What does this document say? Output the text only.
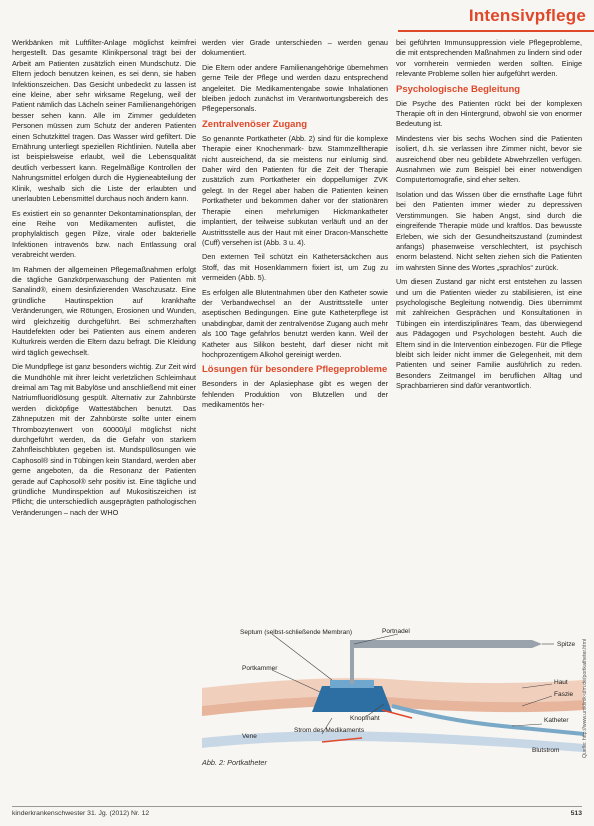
Intensivpflege

Werkbänken mit Luftfilter-Anlage möglichst keimfrei hergestellt. Das gesamte Klinikpersonal trägt bei der Arbeit am Patienten zusätzlich einen Mundschutz. Die Eltern jedoch benutzen keinen, es sei denn, sie haben Infektionszeichen. Das Gesicht unbedeckt zu lassen ist eine kleine, aber sehr wirksame Regelung, weil der Patient nämlich das Lächeln seiner Familienangehörigen besser sehen kann. Alle im Zimmer geduldeten Personen müssen zum Schutz der anderen Patienten einen Schutzkittel tragen. Das Wasser wird gefiltert. Die Ernährung unterliegt speziellen Richtlinien. Nutella aber ist beispielsweise erlaubt, weil die Lebensqualität deutlich verbessert kann. Regelmäßige Kontrollen der Nahrungsmittel erfolgen durch die Hygieneabteilung der Klinik, weshalb sich die Liste der erlaubten und unerlaubten Lebensmittel durchaus noch ändern kann.

Es existiert ein so genannter Dekontaminationsplan, der eine Reihe von Medikamenten auflistet, die prophylaktisch gegen Pilze, virale oder bakterielle Infektionen intravenös bzw. nach Entlassung oral verabreicht werden.

Im Rahmen der allgemeinen Pflegemaßnahmen erfolgt die tägliche Ganzkörperwaschung der Patienten mit Sanalind®, einem desinfizierenden Waschzusatz. Eine gründliche Hautinspektion auf krankhafte Veränderungen, wie Rötungen, Erosionen und Wunden, wird gleichzeitig durchgeführt. Bei schmerzhaften Hautdefekten oder bei Patienten aus einem anderen Kulturkreis werden die Eltern dazu befragt. Die Kleidung wird täglich gewechselt.

Die Mundpflege ist ganz besonders wichtig. Zur Zeit wird die Mundhöhle mit ihrer leicht verletzlichen Schleimhaut dreimal am Tag mit Babylöse und anschließend mit einer Natriumfluoridlösung gespült. Alternativ zur Zahnbürste werden dicköpfige Wattestäbchen benutzt. Das Zähneputzen mit der Zahnbürste sollte unter einem Thrombozytenwert von 60000/µl möglichst nicht durchgeführt werden, da die Gefahr von starkem Zahnfleischbluten gegeben ist. Mundspüllösungen wie Caphosol® sind in Tübingen kein Standard, werden aber gerne angeboten, da die Resonanz der Patienten gerade auf Caphosol® sehr positiv ist. Eine tägliche und gründliche Mundinspektion auf Mukositiszeichen ist Pflicht; die unterschiedlich ausgeprägten pathologischen Veränderungen – nach der WHO

werden vier Grade unterschieden – werden genau dokumentiert.

Die Eltern oder andere Familienangehörige übernehmen gerne Teile der Pflege und werden dazu entsprechend angeleitet. Die Medikamentengabe sowie Inhalationen bleiben jedoch zunächst im Verantwortungsbereich des Pflegepersonals.

Zentralvenöser Zugang

So genannte Portkatheter (Abb. 2) sind für die komplexe Therapie einer Knochenmark- bzw. Stammzelltherapie nicht ausreichend, da sie meistens nur einlumig sind. Daher wird den Patienten für die Zeit der Therapie zusätzlich zum Portkatheter ein doppellumiger ZVK gelegt. In der Regel aber haben die Patienten keinen Portkatheter und bekommen daher vor der stationären Therapie einen mehrlumigen Hickmankatheter implantiert, der teilweise subkutan verläuft und an der Austrittsstelle aus der Haut mit einer Dracon-Manschette (Cuff) versehen ist (Abb. 3 u. 4).

Den externen Teil schützt ein Kathetersäckchen aus Stoff, das mit Hosenklammern fixiert ist, um Zug zu vermeiden (Abb. 5).

Es erfolgen alle Blutentnahmen über den Katheter sowie der Verbandwechsel an der Austrittsstelle unter aseptischen Bedingungen. Eine gute Katheterpflege ist unabdingbar, damit der zentralvenöse Zugang auch mehr als 100 Tage gefahrlos benutzt werden kann. Weil der Katheter aus Silikon besteht, darf dieser nicht mit hochprozentigem Alkohol gereinigt werden.

Lösungen für besondere Pflegeprobleme

Besonders in der Aplasiephase gibt es wegen der fehlenden Produktion von Blutzellen und der medikamentös her-

bei geführten Immunsuppression viele Pflegeprobleme, die mit entsprechenden Maßnahmen zu lindern sind oder vor vornherein vermieden werden sollten. Einige relevante Probleme sollen hier aufgeführt werden.

Psychologische Begleitung

Die Psyche des Patienten rückt bei der komplexen Therapie oft in den Hintergrund, obwohl sie von enormer Bedeutung ist.

Mindestens vier bis sechs Wochen sind die Patienten isoliert, d.h. sie verlassen ihre Zimmer nicht, bevor sie ausreichend über neu gebildete Abwehrzellen verfügen. Ausnahmen wie zum Beispiel bei einer notwendigen Computertomografie, sind eher selten.

Isolation und das Wissen über die ernsthafte Lage führt bei den Patienten immer wieder zu depressiven Verstimmungen. Sie haben Angst, sind durch die eingreifende Therapie müde und kraftlos. Das bewusste Erleben, wie sich der Gesundheitszustand (zumindest anfangs) phasenweise verschlechtert, ist psychisch enorm belastend. Nicht selten ziehen sich die Patienten im wahrsten Sinne des Wortes „sprachlos“ zurück.

Um diesen Zustand gar nicht erst entstehen zu lassen und um die Patienten wieder zu stabilisieren, ist eine psychologische Begleitung notwendig. Dies übernimmt mit zahlreichen Gesprächen und Konsultationen in Tübingen ein interdisziplinäres Team, das überwiegend aus Pädagogen und Psychologen besteht. Auch die Eltern sind in die Intervention einbezogen. Für die Pflege bleibt sich leider nicht immer die Gelegenheit, mit dem Patienten und seiner Familie ausführlich zu reden. Besonders Zeitmangel im beruflichen Alltag und Sprachbarrieren sind dafür verantwortlich.

Septum (selbst-schließende Membran)	Portnadel
Spitze
Portkammer
Haut
Faszie
Knopfnaht	Katheter
Strom des Medikaments
Vene
Blutstrom
Abb. 2: Portkatheter
Quelle: http://www.uniklinik-ulm.de/portkatheter.html
kinderkrankenschwester 31. Jg. (2012) Nr. 12	513
